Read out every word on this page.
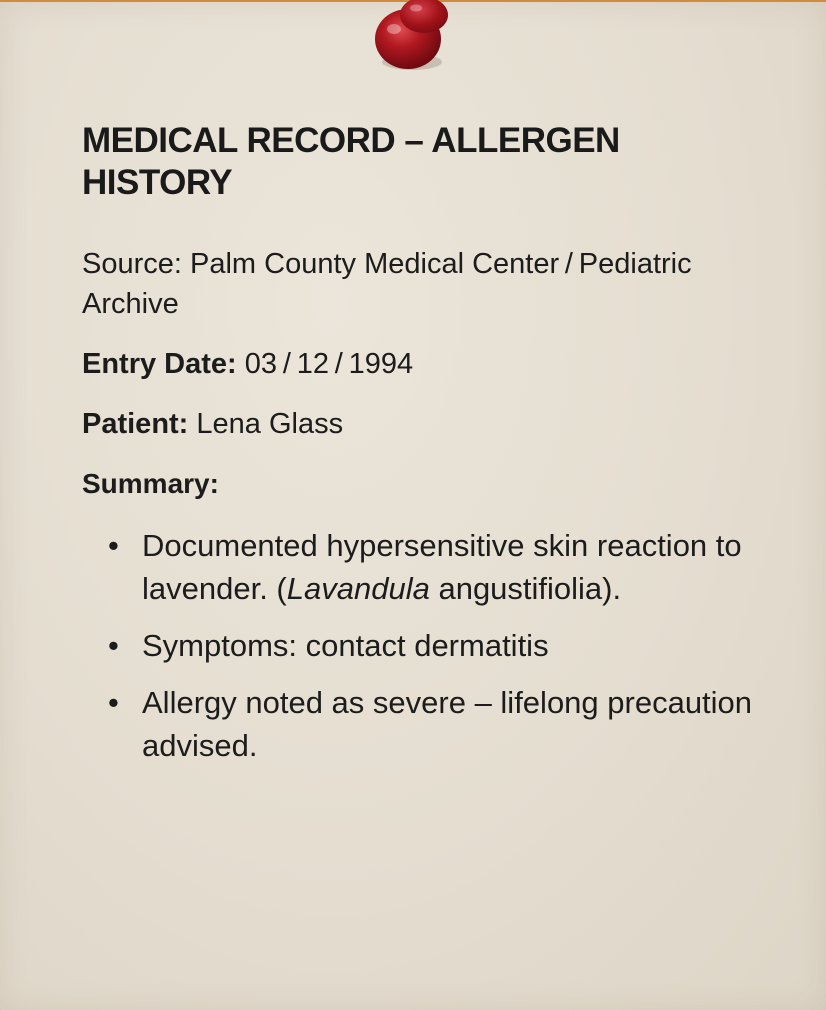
MEDICAL RECORD – ALLERGEN HISTORY
Source: Palm County Medical Center / Pediatric Archive
Entry Date: 03 / 12 / 1994
Patient: Lena Glass
Summary:
• Documented hypersensitive skin reaction to lavender. (Lavandula angustifiolia).
• Symptoms: contact dermatitis
• Allergy noted as severe – lifelong precaution advised.
